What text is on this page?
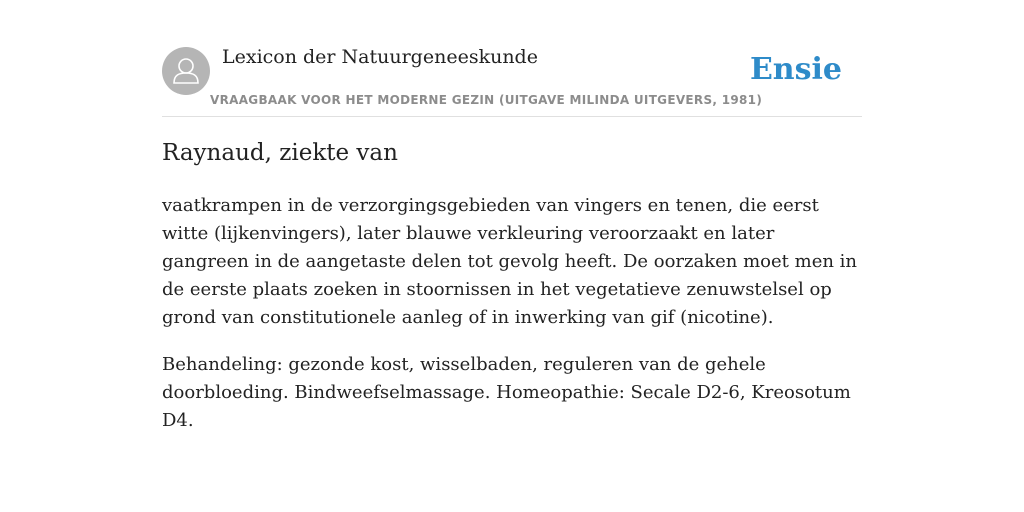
Lexicon der Natuurgeneeskunde
VRAAGBAAK VOOR HET MODERNE GEZIN (UITGAVE MILINDA UITGEVERS, 1981)
Ensie
Raynaud, ziekte van

vaatkrampen in de verzorgingsgebieden van vingers en tenen, die eerst witte (lijkenvingers), later blauwe verkleuring veroorzaakt en later gangreen in de aangetaste delen tot gevolg heeft. De oorzaken moet men in de eerste plaats zoeken in stoornissen in het vegetatieve zenuwstelsel op grond van constitutionele aanleg of in inwerking van gif (nicotine).

Behandeling: gezonde kost, wisselbaden, reguleren van de gehele doorbloeding. Bindweefselmassage. Homeopathie: Secale D2-6, Kreosotum D4.
